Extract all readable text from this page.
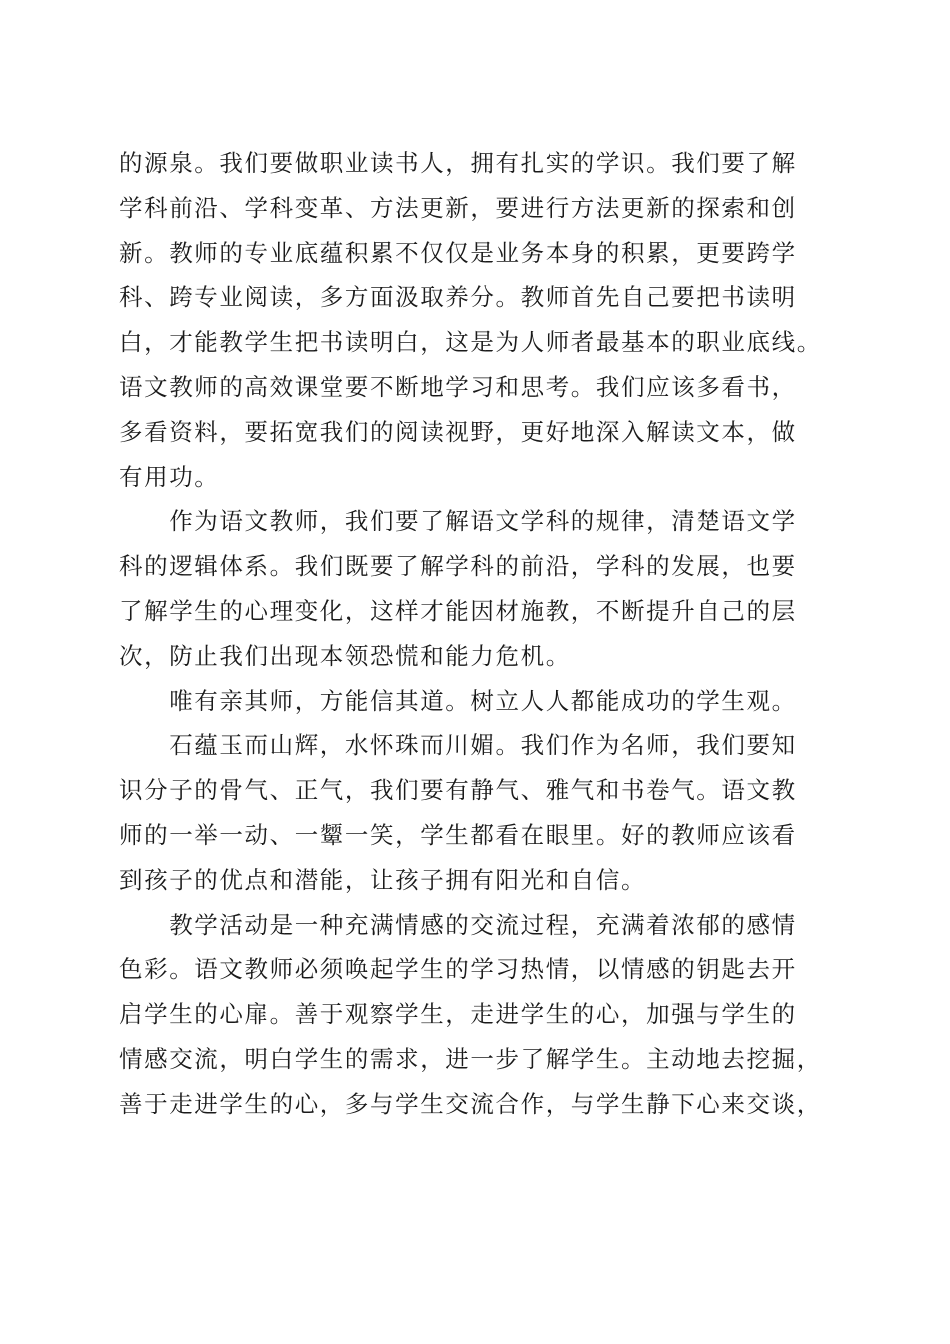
的源泉。我们要做职业读书人，拥有扎实的学识。我们要了解
学科前沿、学科变革、方法更新，要进行方法更新的探索和创
新。教师的专业底蕴积累不仅仅是业务本身的积累，更要跨学
科、跨专业阅读，多方面汲取养分。教师首先自己要把书读明
白，才能教学生把书读明白，这是为人师者最基本的职业底线。
语文教师的高效课堂要不断地学习和思考。我们应该多看书，
多看资料，要拓宽我们的阅读视野，更好地深入解读文本，做
有用功。
　　作为语文教师，我们要了解语文学科的规律，清楚语文学
科的逻辑体系。我们既要了解学科的前沿，学科的发展，也要
了解学生的心理变化，这样才能因材施教，不断提升自己的层
次，防止我们出现本领恐慌和能力危机。
　　唯有亲其师，方能信其道。树立人人都能成功的学生观。
　　石蕴玉而山辉，水怀珠而川媚。我们作为名师，我们要知
识分子的骨气、正气，我们要有静气、雅气和书卷气。语文教
师的一举一动、一颦一笑，学生都看在眼里。好的教师应该看
到孩子的优点和潜能，让孩子拥有阳光和自信。
　　教学活动是一种充满情感的交流过程，充满着浓郁的感情
色彩。语文教师必须唤起学生的学习热情，以情感的钥匙去开
启学生的心扉。善于观察学生，走进学生的心，加强与学生的
情感交流，明白学生的需求，进一步了解学生。主动地去挖掘，
善于走进学生的心，多与学生交流合作，与学生静下心来交谈，
